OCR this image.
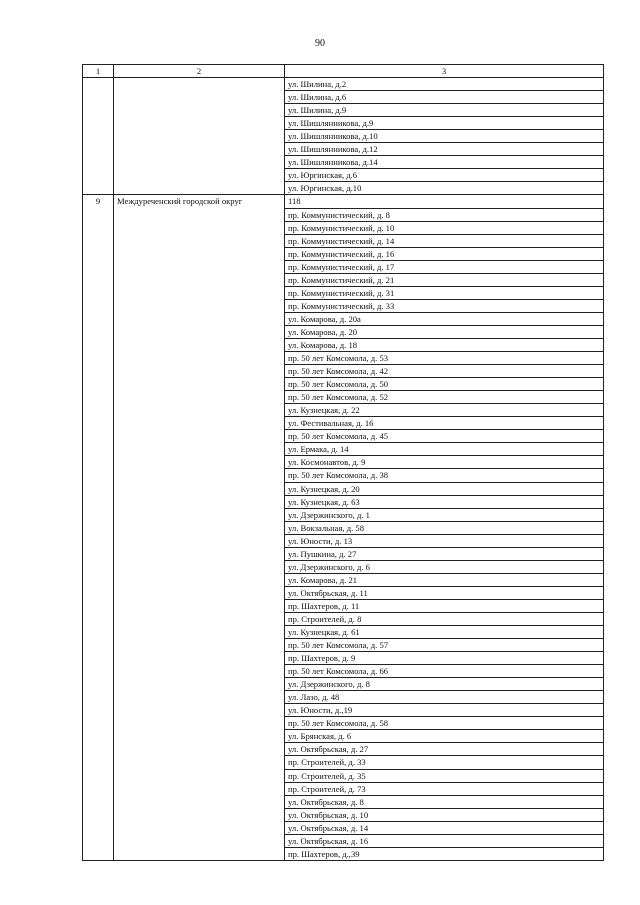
90
1	2	3
		ул. Шилина, д.2
		ул. Шилина, д.6
		ул. Шилина, д.9
		ул. Шишлянникова, д.9
		ул. Шишлянникова, д.10
		ул. Шишлянникова, д.12
		ул. Шишлянникова, д.14
		ул. Юргинская, д.6
		ул. Юргинская, д.10
9	Междуреченский городской округ	118
		пр. Коммунистический, д. 8
		пр. Коммунистический, д. 10
		пр. Коммунистический, д. 14
		пр. Коммунистический, д. 16
		пр. Коммунистический, д. 17
		пр. Коммунистический, д. 21
		пр. Коммунистический, д. 31
		пр. Коммунистический, д. 33
		ул. Комарова, д. 20а
		ул. Комарова, д. 20
		ул. Комарова, д. 18
		пр. 50 лет Комсомола, д. 53
		пр. 50 лет Комсомола, д. 42
		пр. 50 лет Комсомола, д. 50
		пр. 50 лет Комсомола, д. 52
		ул. Кузнецкая, д. 22
		ул. Фестивальная, д. 16
		пр. 50 лет Комсомола, д. 45
		ул. Ермака, д. 14
		ул. Космонавтов, д. 9
		пр. 50 лет Комсомола, д. 38
		ул. Кузнецкая, д. 20
		ул. Кузнецкая, д. 63
		ул. Дзержинского, д. 1
		ул. Вокзальная, д. 58
		ул. Юности, д. 13
		ул. Пушкина, д. 27
		ул. Дзержинского, д. 6
		ул. Комарова, д. 21
		ул. Октябрьская, д. 11
		пр. Шахтеров, д. 11
		пр. Строителей, д. 8
		ул. Кузнецкая, д. 61
		пр. 50 лет Комсомола, д. 57
		пр. Шахтеров, д. 9
		пр. 50 лет Комсомола, д. 66
		ул. Дзержинского, д. 8
		ул. Лазо, д. 48
		ул. Юности, д.,19
		пр. 50 лет Комсомола, д. 58
		ул. Брянская, д. 6
		ул. Октябрьская, д. 27
		пр. Строителей, д. 33
		пр. Строителей, д. 35
		пр. Строителей, д. 73
		ул. Октябрьская, д. 8
		ул. Октябрьская, д. 10
		ул. Октябрьская, д. 14
		ул. Октябрьская, д. 16
		пр. Шахтеров, д.,39
